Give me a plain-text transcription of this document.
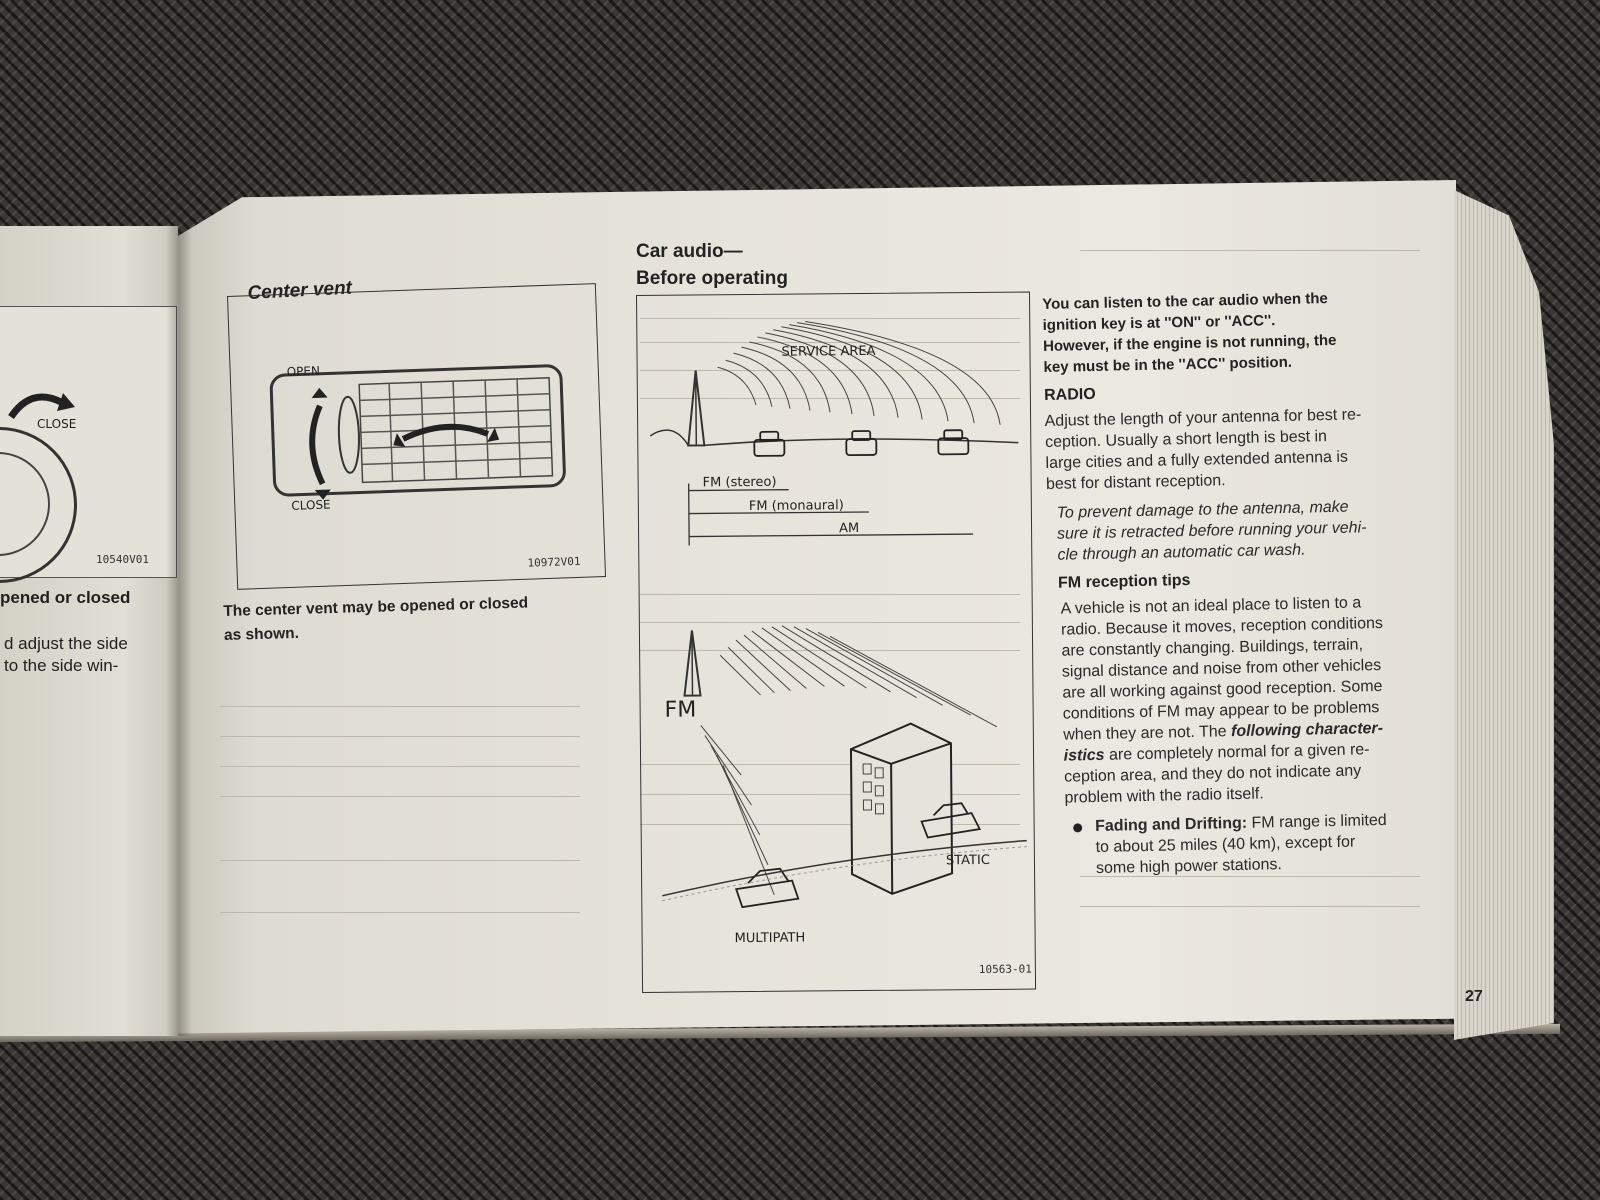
CLOSE
10540V01
pened or closed
d adjust the side
to the side win-
Center vent
OPEN
CLOSE
10972V01
The center vent may be opened or closed
as shown.
Car audio—
Before operating
SERVICE AREA
FM (stereo)
FM (monaural)
AM
FM
STATIC
MULTIPATH
10563-01
You can listen to the car audio when the
ignition key is at ''ON'' or ''ACC''.
However, if the engine is not running, the
key must be in the ''ACC'' position.
RADIO
Adjust the length of your antenna for best re-
ception. Usually a short length is best in
large cities and a fully extended antenna is
best for distant reception.
To prevent damage to the antenna, make
sure it is retracted before running your vehi-
cle through an automatic car wash.
FM reception tips
A vehicle is not an ideal place to listen to a
radio. Because it moves, reception conditions
are constantly changing. Buildings, terrain,
signal distance and noise from other vehicles
are all working against good reception. Some
conditions of FM may appear to be problems
when they are not. The following character-
istics are completely normal for a given re-
ception area, and they do not indicate any
problem with the radio itself.
Fading and Drifting: FM range is limited
to about 25 miles (40 km), except for
some high power stations.
27
